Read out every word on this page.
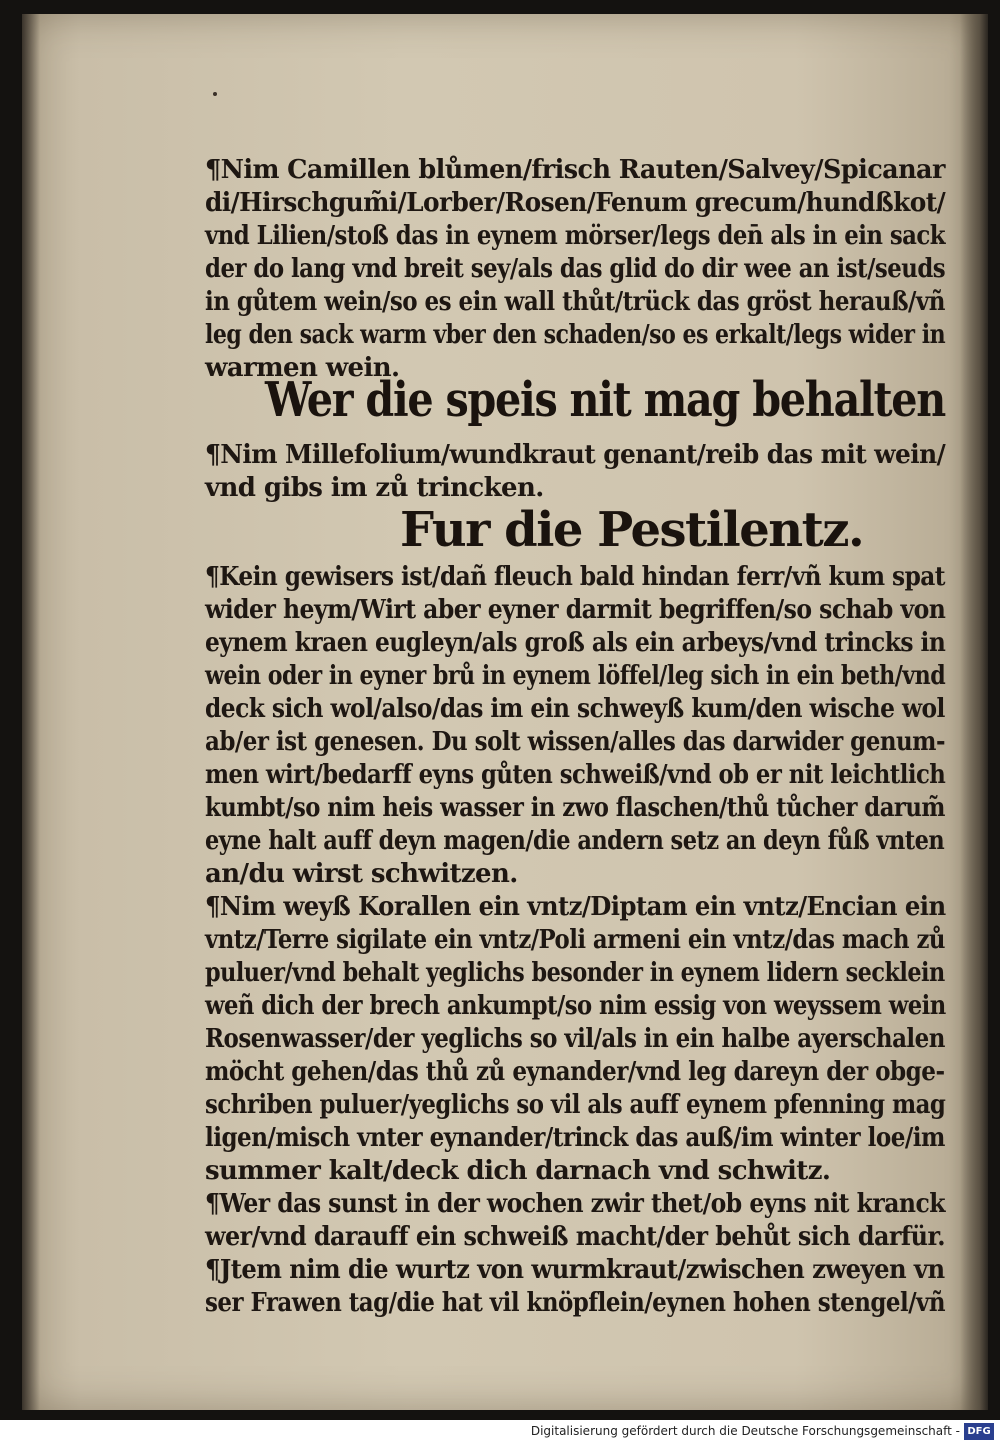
¶Nim Camillen blůmen/frisch Rauten/Salvey/Spicanar
di/Hirschgum̃i/Lorber/Rosen/Fenum grecum/hundßkot/
vnd Lilien/stoß das in eynem mörser/legs den̄ als in ein sack
der do lang vnd breit sey/als das glid do dir wee an ist/seuds
in gůtem wein/so es ein wall thůt/trück das gröst herauß/vñ
leg den sack warm vber den schaden/so es erkalt/legs wider in
warmen wein.
Wer die speis nit mag behalten
¶Nim Millefolium/wundkraut genant/reib das mit wein/
vnd gibs im zů trincken.
Fur die Pestilentz.
¶Kein gewisers ist/dañ fleuch bald hindan ferr/vñ kum spat
wider heym/Wirt aber eyner darmit begriffen/so schab von
eynem kraen eugleyn/als groß als ein arbeys/vnd trincks in
wein oder in eyner brů in eynem löffel/leg sich in ein beth/vnd
deck sich wol/also/das im ein schweyß kum/den wische wol
ab/er ist genesen. Du solt wissen/alles das darwider genum-
men wirt/bedarff eyns gůten schweiß/vnd ob er nit leichtlich
kumbt/so nim heis wasser in zwo flaschen/thů tůcher darum̃
eyne halt auff deyn magen/die andern setz an deyn fůß vnten
an/du wirst schwitzen.
¶Nim weyß Korallen ein vntz/Diptam ein vntz/Encian ein
vntz/Terre sigilate ein vntz/Poli armeni ein vntz/das mach zů
puluer/vnd behalt yeglichs besonder in eynem lidern secklein
weñ dich der brech ankumpt/so nim essig von weyssem wein
Rosenwasser/der yeglichs so vil/als in ein halbe ayerschalen
möcht gehen/das thů zů eynander/vnd leg dareyn der obge-
schriben puluer/yeglichs so vil als auff eynem pfenning mag
ligen/misch vnter eynander/trinck das auß/im winter loe/im
summer kalt/deck dich darnach vnd schwitz.
¶Wer das sunst in der wochen zwir thet/ob eyns nit kranck
wer/vnd darauff ein schweiß macht/der behůt sich darfür.
¶Jtem nim die wurtz von wurmkraut/zwischen zweyen vn
ser Frawen tag/die hat vil knöpflein/eynen hohen stengel/vñ
Digitalisierung gefördert durch die Deutsche Forschungsgemeinschaft - DFG
